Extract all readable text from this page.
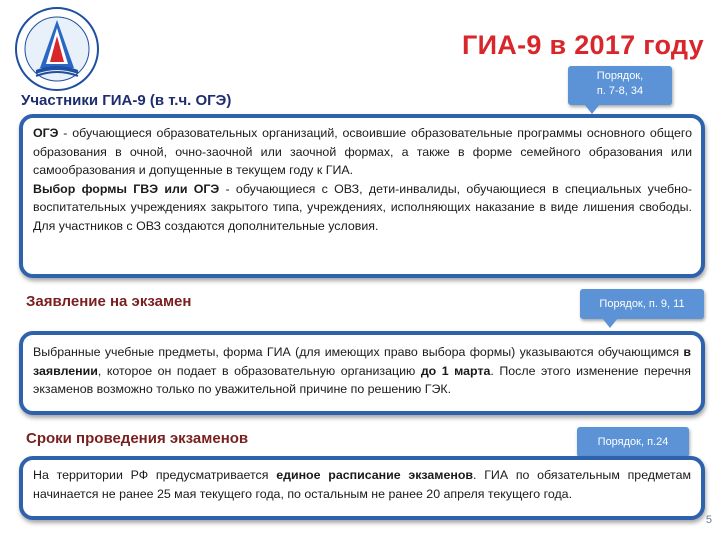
ГИА-9 в 2017 году
Участники ГИА-9 (в т.ч. ОГЭ)
Порядок,
п. 7-8, 34

ОГЭ - обучающиеся образовательных организаций, освоившие образовательные программы основного общего образования в очной, очно-заочной или заочной формах, а также в форме семейного образования или самообразования и допущенные в текущем году к ГИА.

Выбор формы ГВЭ или ОГЭ - обучающиеся с ОВЗ, дети-инвалиды, обучающиеся в специальных учебно-воспитательных учреждениях закрытого типа, учреждениях, исполняющих наказание в виде лишения свободы. Для участников с ОВЗ создаются дополнительные условия.

Заявление на экзамен	Порядок, п. 9, 11

Выбранные учебные предметы, форма ГИА (для имеющих право выбора формы) указываются обучающимся в заявлении, которое он подает в образовательную организацию до 1 марта. После этого изменение перечня экзаменов возможно только по уважительной причине по решению ГЭК.

Сроки проведения экзаменов	Порядок, п.24

На территории РФ предусматривается единое расписание экзаменов. ГИА по обязательным предметам начинается не ранее 25 мая текущего года, по остальным не ранее 20 апреля текущего года.

5
